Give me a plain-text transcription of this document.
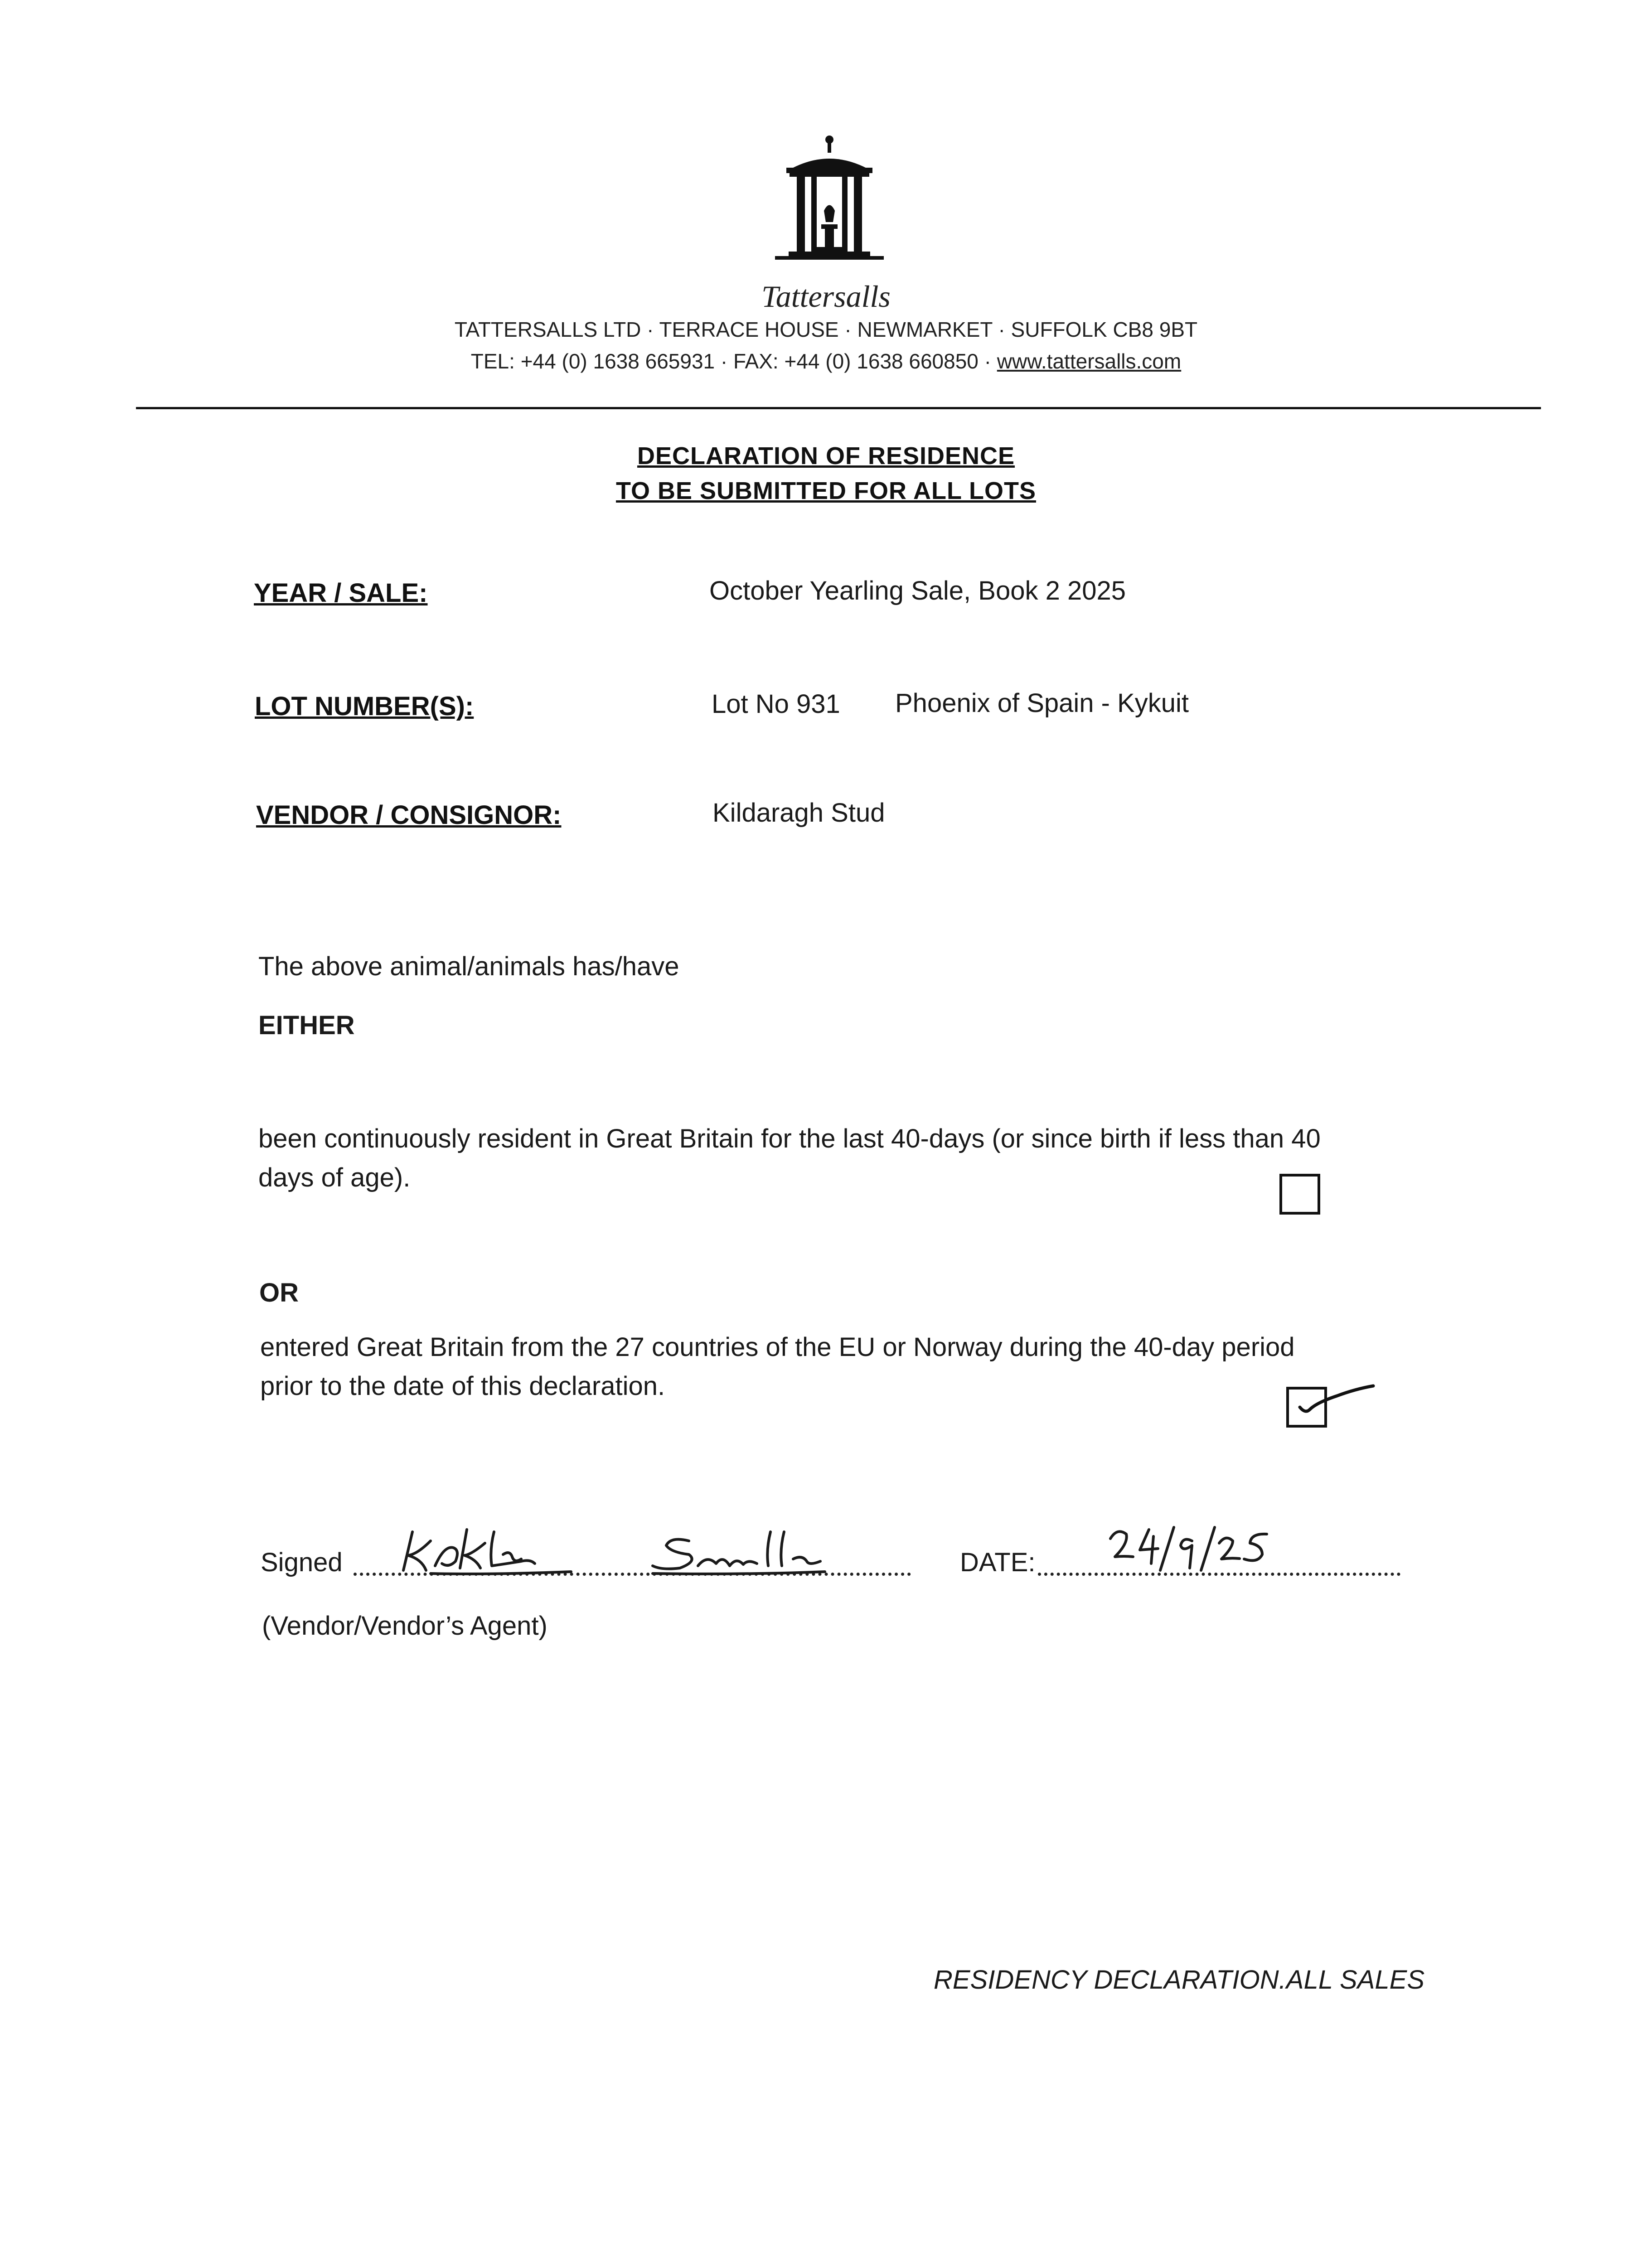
Tattersalls
TATTERSALLS LTD · TERRACE HOUSE · NEWMARKET · SUFFOLK CB8 9BT
TEL: +44 (0) 1638 665931 · FAX: +44 (0) 1638 660850 · www.tattersalls.com
DECLARATION OF RESIDENCE
TO BE SUBMITTED FOR ALL LOTS
YEAR / SALE:	October Yearling Sale, Book 2 2025
LOT NUMBER(S):	Lot No 931 Phoenix of Spain - Kykuit
VENDOR / CONSIGNOR:	Kildaragh Stud
The above animal/animals has/have
EITHER
been continuously resident in Great Britain for the last 40-days (or since birth if less than 40
days of age).
OR
entered Great Britain from the 27 countries of the EU or Norway during the 40-day period
prior to the date of this declaration.
Signed	DATE:
(Vendor/Vendor’s Agent)
RESIDENCY DECLARATION.ALL SALES
